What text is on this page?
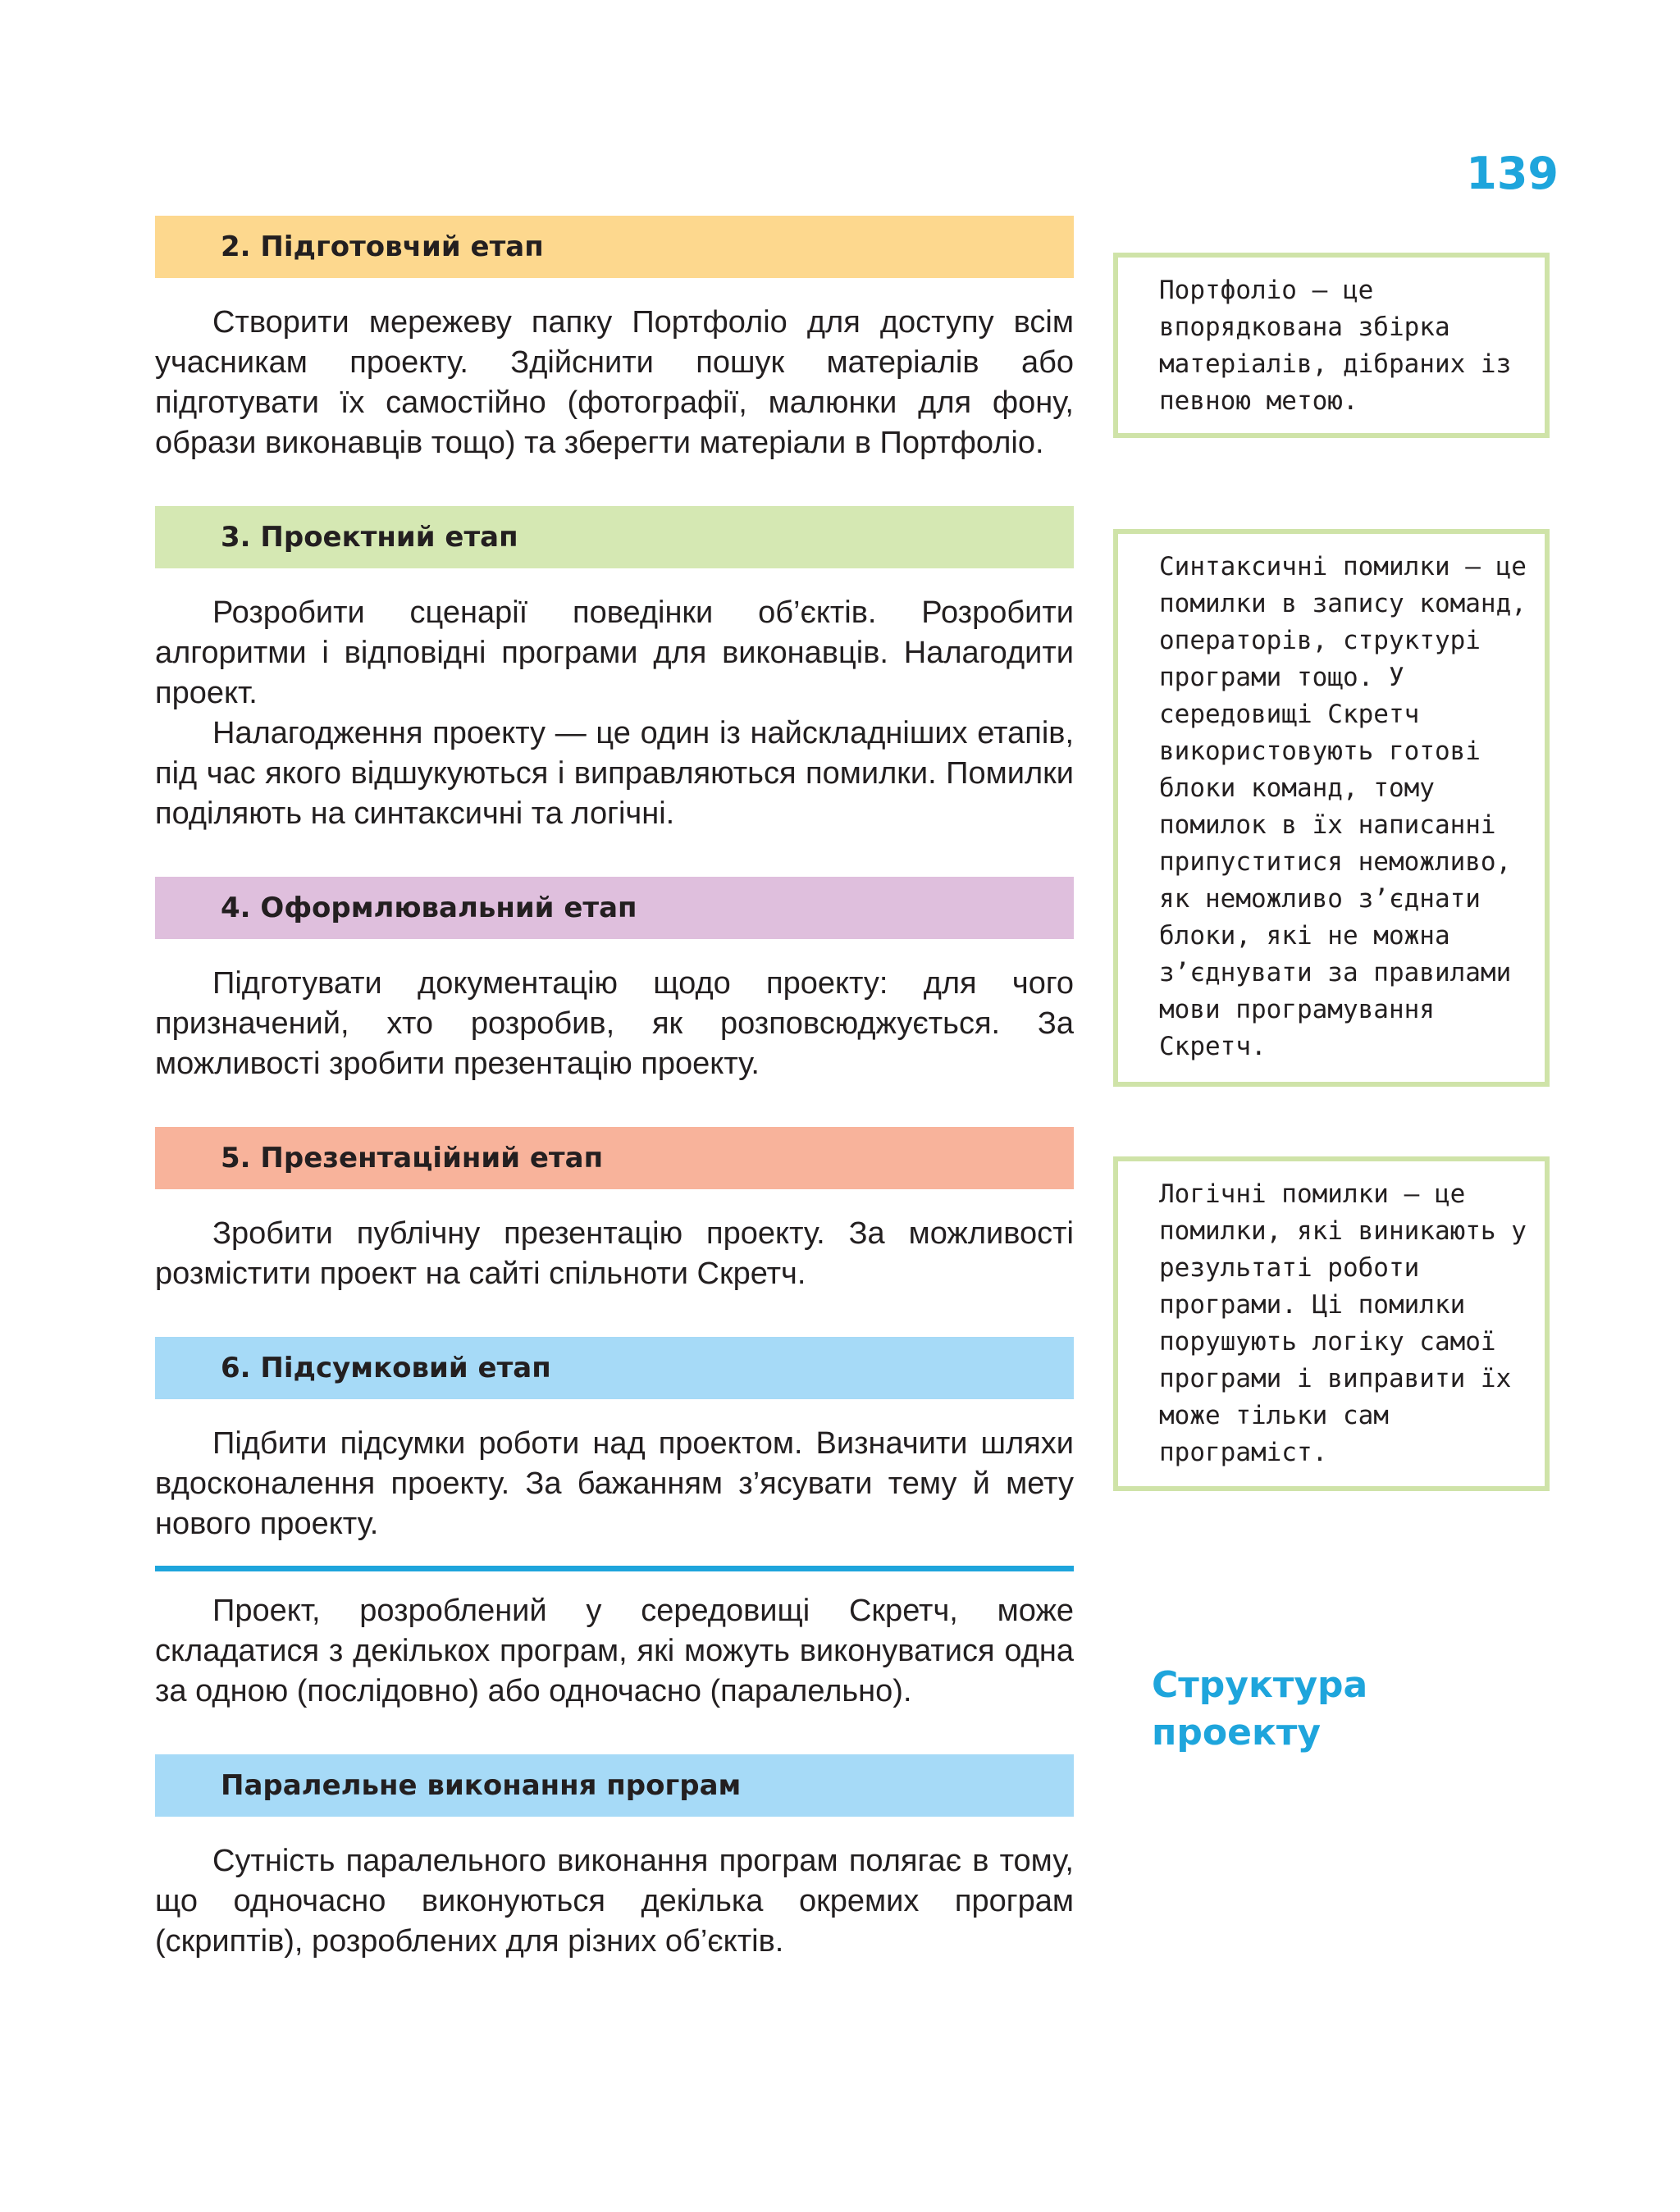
139
2. Підготовчий етап

Створити мережеву папку Портфоліо для доступу всім учасникам проекту. Здійснити пошук матеріалів або підготувати їх самостійно (фотографії, малюнки для фону, образи виконавців тощо) та зберегти матеріали в Портфоліо.

3. Проектний етап

Розробити сценарії поведінки об’єктів. Розробити алгоритми і відповідні програми для виконавців. Налагодити проект.

Налагодження проекту — це один із найскладніших етапів, під час якого відшукуються і виправляються помилки. Помилки поділяють на синтаксичні та логічні.

4. Оформлювальний етап

Підготувати документацію щодо проекту: для чого призначений, хто розробив, як розповсюджується. За можливості зробити презентацію проекту.

5. Презентаційний етап

Зробити публічну презентацію проекту. За можливості розмістити проект на сайті спільноти Скретч.

6. Підсумковий етап

Підбити підсумки роботи над проектом. Визначити шляхи вдосконалення проекту. За бажанням з’ясувати тему й мету нового проекту.

Проект, розроблений у середовищі Скретч, може складатися з декількох програм, які можуть виконуватися одна за одною (послідовно) або одночасно (паралельно).

Паралельне виконання програм

Сутність паралельного виконання програм полягає в тому, що одночасно виконуються декілька окремих програм (скриптів), розроблених для різних об’єктів.

Портфоліо — це впорядкована збірка матеріалів, дібраних із певною метою.
Синтаксичні помилки — це помилки в запису команд, операторів, структурі програми тощо. У середовищі Скретч використовують готові блоки команд, тому помилок в їх написанні припуститися неможливо, як неможливо з’єднати блоки, які не можна з’єднувати за правилами мови програмування Скретч.
Логічні помилки — це помилки, які виникають у результаті роботи програми. Ці помилки порушують логіку самої програми і виправити їх може тільки сам програміст.
Структура проекту
